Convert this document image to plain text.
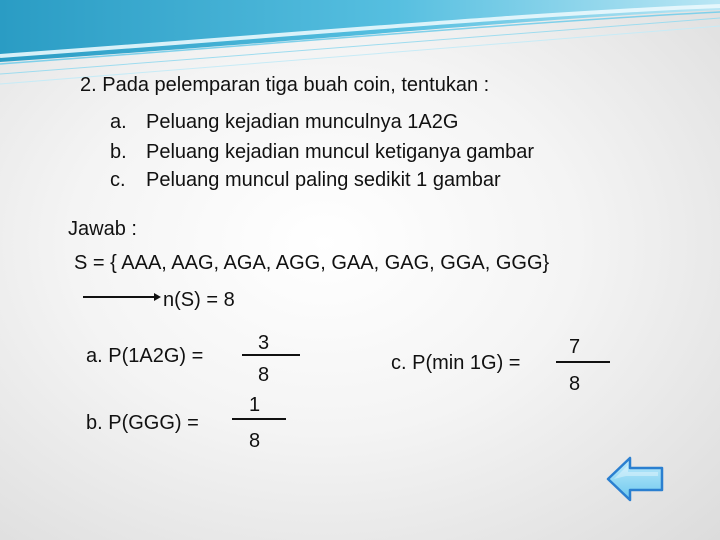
2. Pada pelemparan tiga buah coin, tentukan :
a. Peluang kejadian munculnya 1A2G
b. Peluang kejadian muncul ketiganya gambar
c. Peluang muncul paling sedikit 1 gambar
Jawab :
S = { AAA, AAG, AGA, AGG, GAA, GAG, GGA, GGG}
n(S) = 8
a. P(1A2G) =
3
8
b. P(GGG) =
1
8
c. P(min 1G) =
7
8
